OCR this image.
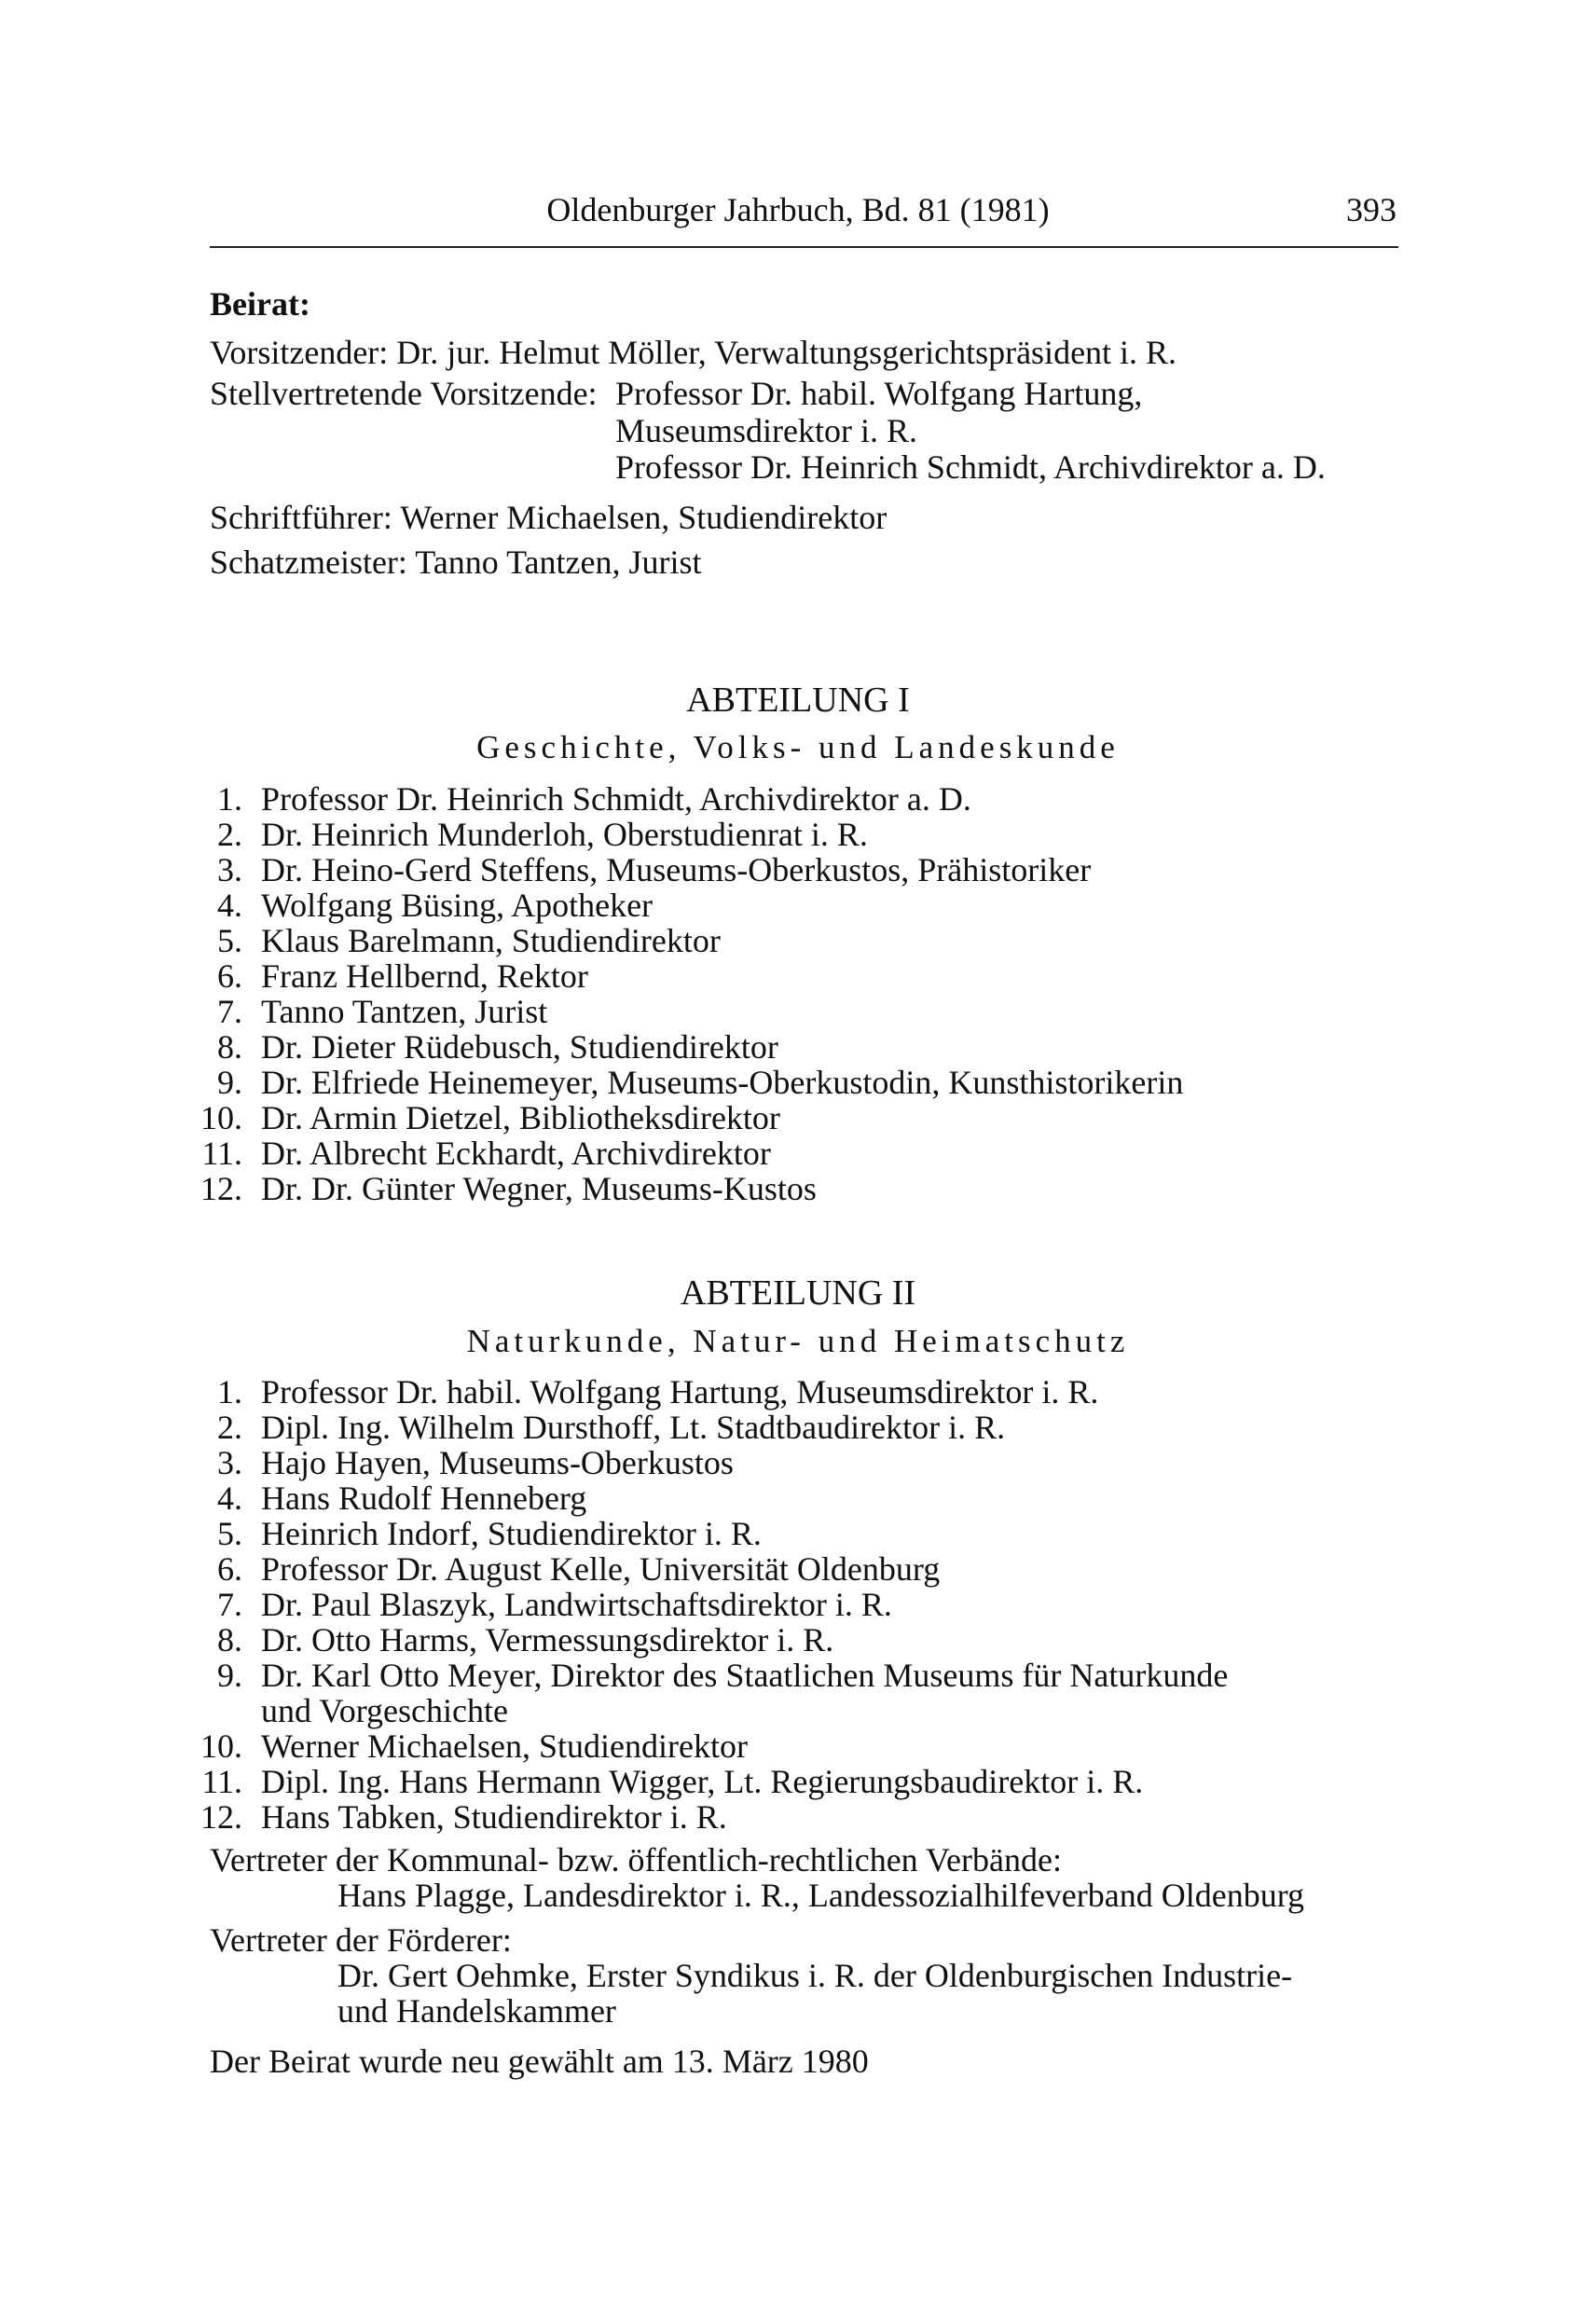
Oldenburger Jahrbuch, Bd. 81 (1981)	393
Beirat:
Vorsitzender: Dr. jur. Helmut Möller, Verwaltungsgerichtspräsident i. R.
Stellvertretende Vorsitzende: Professor Dr. habil. Wolfgang Hartung,
Museumsdirektor i. R.
Professor Dr. Heinrich Schmidt, Archivdirektor a. D.
Schriftführer: Werner Michaelsen, Studiendirektor
Schatzmeister: Tanno Tantzen, Jurist
ABTEILUNG I
Geschichte, Volks- und Landeskunde
1. Professor Dr. Heinrich Schmidt, Archivdirektor a. D.
2. Dr. Heinrich Munderloh, Oberstudienrat i. R.
3. Dr. Heino-Gerd Steffens, Museums-Oberkustos, Prähistoriker
4. Wolfgang Büsing, Apotheker
5. Klaus Barelmann, Studiendirektor
6. Franz Hellbernd, Rektor
7. Tanno Tantzen, Jurist
8. Dr. Dieter Rüdebusch, Studiendirektor
9. Dr. Elfriede Heinemeyer, Museums-Oberkustodin, Kunsthistorikerin
10. Dr. Armin Dietzel, Bibliotheksdirektor
11. Dr. Albrecht Eckhardt, Archivdirektor
12. Dr. Dr. Günter Wegner, Museums-Kustos
ABTEILUNG II
Naturkunde, Natur- und Heimatschutz
1. Professor Dr. habil. Wolfgang Hartung, Museumsdirektor i. R.
2. Dipl. Ing. Wilhelm Dursthoff, Lt. Stadtbaudirektor i. R.
3. Hajo Hayen, Museums-Oberkustos
4. Hans Rudolf Henneberg
5. Heinrich Indorf, Studiendirektor i. R.
6. Professor Dr. August Kelle, Universität Oldenburg
7. Dr. Paul Blaszyk, Landwirtschaftsdirektor i. R.
8. Dr. Otto Harms, Vermessungsdirektor i. R.
9. Dr. Karl Otto Meyer, Direktor des Staatlichen Museums für Naturkunde
und Vorgeschichte
10. Werner Michaelsen, Studiendirektor
11. Dipl. Ing. Hans Hermann Wigger, Lt. Regierungsbaudirektor i. R.
12. Hans Tabken, Studiendirektor i. R.
Vertreter der Kommunal- bzw. öffentlich-rechtlichen Verbände:
Hans Plagge, Landesdirektor i. R., Landessozialhilfeverband Oldenburg
Vertreter der Förderer:
Dr. Gert Oehmke, Erster Syndikus i. R. der Oldenburgischen Industrie-
und Handelskammer
Der Beirat wurde neu gewählt am 13. März 1980
